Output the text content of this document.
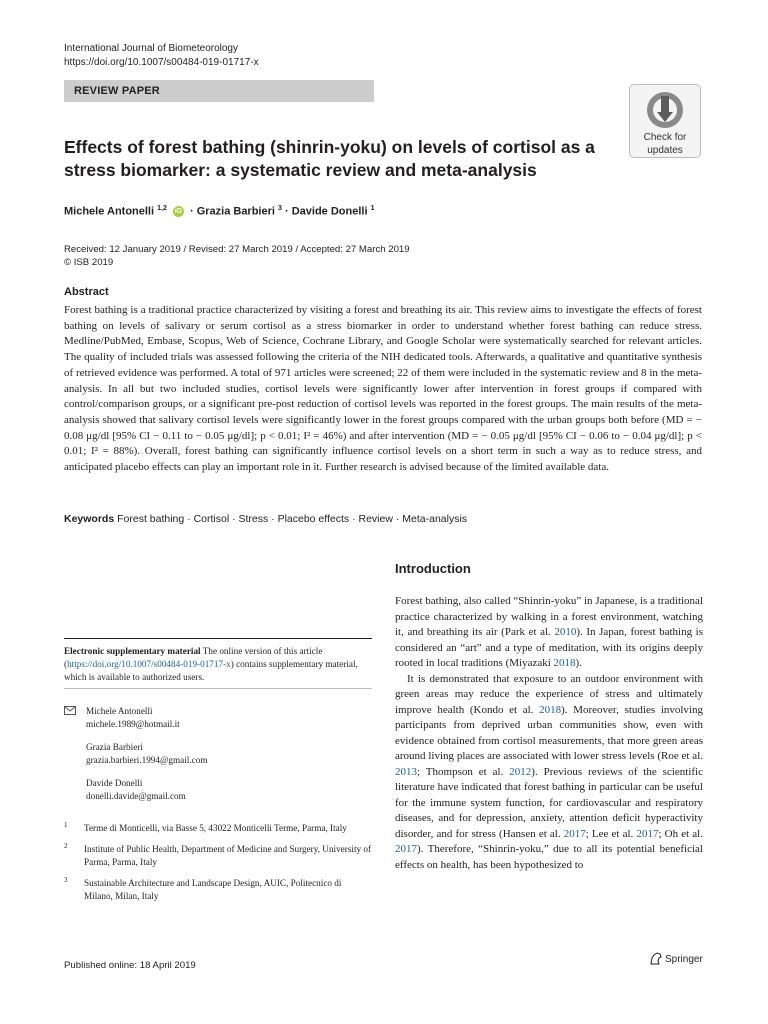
International Journal of Biometeorology
https://doi.org/10.1007/s00484-019-01717-x
REVIEW PAPER
Check for
updates
Effects of forest bathing (shinrin-yoku) on levels of cortisol as a stress biomarker: a systematic review and meta-analysis
Michele Antonelli $^{1,2}$ iD · Grazia Barbieri $^3$ · Davide Donelli $^1$
Received: 12 January 2019 / Revised: 27 March 2019 / Accepted: 27 March 2019
© ISB 2019
Abstract
Forest bathing is a traditional practice characterized by visiting a forest and breathing its air. This review aims to investigate the effects of forest bathing on levels of salivary or serum cortisol as a stress biomarker in order to understand whether forest bathing can reduce stress. Medline/PubMed, Embase, Scopus, Web of Science, Cochrane Library, and Google Scholar were systematically searched for relevant articles. The quality of included trials was assessed following the criteria of the NIH dedicated tools. Afterwards, a qualitative and quantitative synthesis of retrieved evidence was performed. A total of 971 articles were screened; 22 of them were included in the systematic review and 8 in the meta-analysis. In all but two included studies, cortisol levels were significantly lower after intervention in forest groups if compared with control/comparison groups, or a significant pre-post reduction of cortisol levels was reported in the forest groups. The main results of the meta-analysis showed that salivary cortisol levels were significantly lower in the forest groups compared with the urban groups both before (MD = − 0.08 μg/dl [95% CI − 0.11 to − 0.05 μg/dl]; p < 0.01; I² = 46%) and after intervention (MD = − 0.05 μg/dl [95% CI − 0.06 to − 0.04 μg/dl]; p < 0.01; I² = 88%). Overall, forest bathing can significantly influence cortisol levels on a short term in such a way as to reduce stress, and anticipated placebo effects can play an important role in it. Further research is advised because of the limited available data.
Keywords Forest bathing · Cortisol · Stress · Placebo effects · Review · Meta-analysis
Introduction

Forest bathing, also called “Shinrin-yoku” in Japanese, is a traditional practice characterized by walking in a forest environment, watching it, and breathing its air (Park et al. 2010). In Japan, forest bathing is considered an “art” and a type of meditation, with its origins deeply rooted in local traditions (Miyazaki 2018).

It is demonstrated that exposure to an outdoor environment with green areas may reduce the experience of stress and ultimately improve health (Kondo et al. 2018). Moreover, studies involving participants from deprived urban communities show, even with evidence obtained from cortisol measurements, that more green areas around living places are associated with lower stress levels (Roe et al. 2013; Thompson et al. 2012). Previous reviews of the scientific literature have indicated that forest bathing in particular can be useful for the immune system function, for cardiovascular and respiratory diseases, and for depression, anxiety, attention deficit hyperactivity disorder, and for stress (Hansen et al. 2017; Lee et al. 2017; Oh et al. 2017). Therefore, “Shinrin-yoku,” due to all its potential beneficial effects on health, has been hypothesized to

Electronic supplementary material The online version of this article (https://doi.org/10.1007/s00484-019-01717-x) contains supplementary material, which is available to authorized users.
Michele Antonelli
michele.1989@hotmail.it
Grazia Barbieri
grazia.barbieri.1994@gmail.com
Davide Donelli
donelli.davide@gmail.com
1 Terme di Monticelli, via Basse 5, 43022 Monticelli Terme, Parma, Italy
2 Institute of Public Health, Department of Medicine and Surgery, University of Parma, Parma, Italy
3 Sustainable Architecture and Landscape Design, AUIC, Politecnico di Milano, Milan, Italy
Published online: 18 April 2019
Springer
